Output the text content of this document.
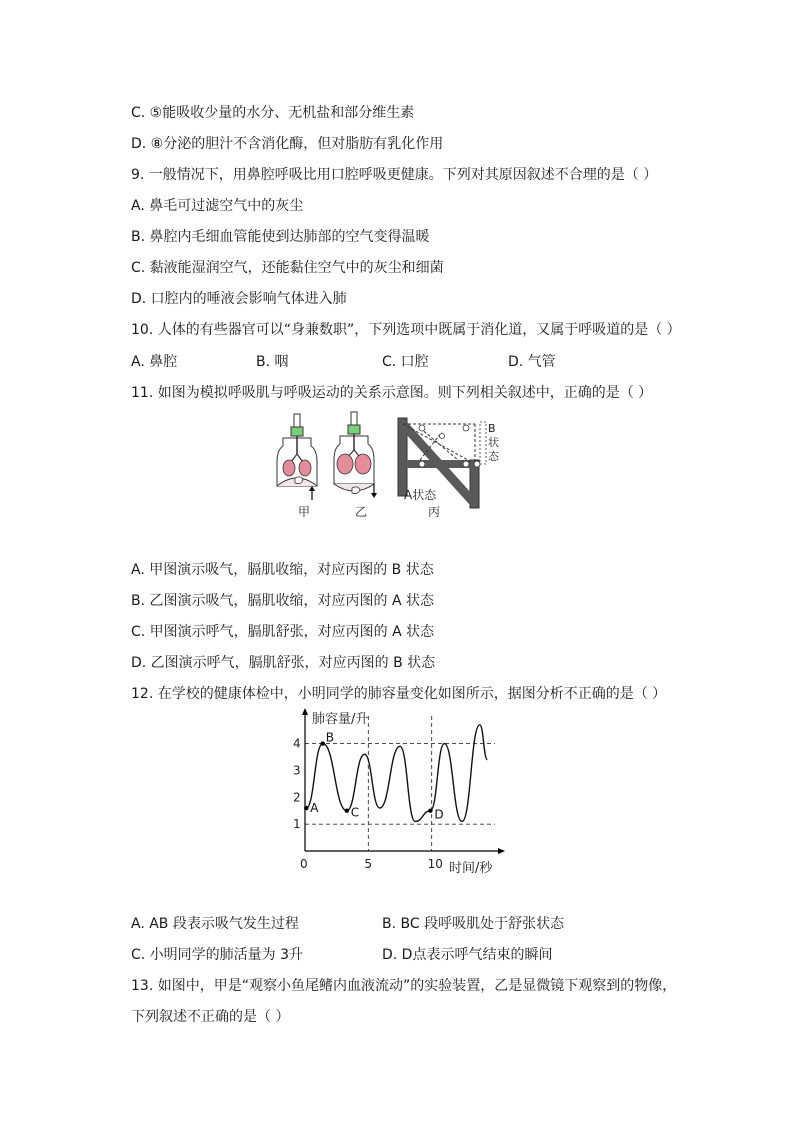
C. ⑤能吸收少量的水分、无机盐和部分维生素
D. ⑧分泌的胆汁不含消化酶，但对脂肪有乳化作用
9. 一般情况下，用鼻腔呼吸比用口腔呼吸更健康。下列对其原因叙述不合理的是（ ）
A. 鼻毛可过滤空气中的灰尘
B. 鼻腔内毛细血管能使到达肺部的空气变得温暖
C. 黏液能湿润空气，还能黏住空气中的灰尘和细菌
D. 口腔内的唾液会影响气体进入肺
10. 人体的有些器官可以“身兼数职”，下列选项中既属于消化道，又属于呼吸道的是（ ）
A. 鼻腔	B. 咽	C. 口腔	D. 气管
11. 如图为模拟呼吸肌与呼吸运动的关系示意图。则下列相关叙述中，正确的是（ ）
甲	乙
B
状
态
A状态
丙
A. 甲图演示吸气，膈肌收缩，对应丙图的 B 状态
B. 乙图演示吸气，膈肌收缩，对应丙图的 A 状态
C. 甲图演示呼气，膈肌舒张，对应丙图的 A 状态
D. 乙图演示呼气，膈肌舒张，对应丙图的 B 状态
12. 在学校的健康体检中，小明同学的肺容量变化如图所示，据图分析不正确的是（ ）
1
2
3
4
5	10
A
B
C	D
肺容量/升
时间/秒
0
A. AB 段表示吸气发生过程	B. BC 段呼吸肌处于舒张状态
C. 小明同学的肺活量为 3升	D. D点表示呼气结束的瞬间
13. 如图中，甲是“观察小鱼尾鳍内血液流动”的实验装置，乙是显微镜下观察到的物像，
下列叙述不正确的是（ ）
